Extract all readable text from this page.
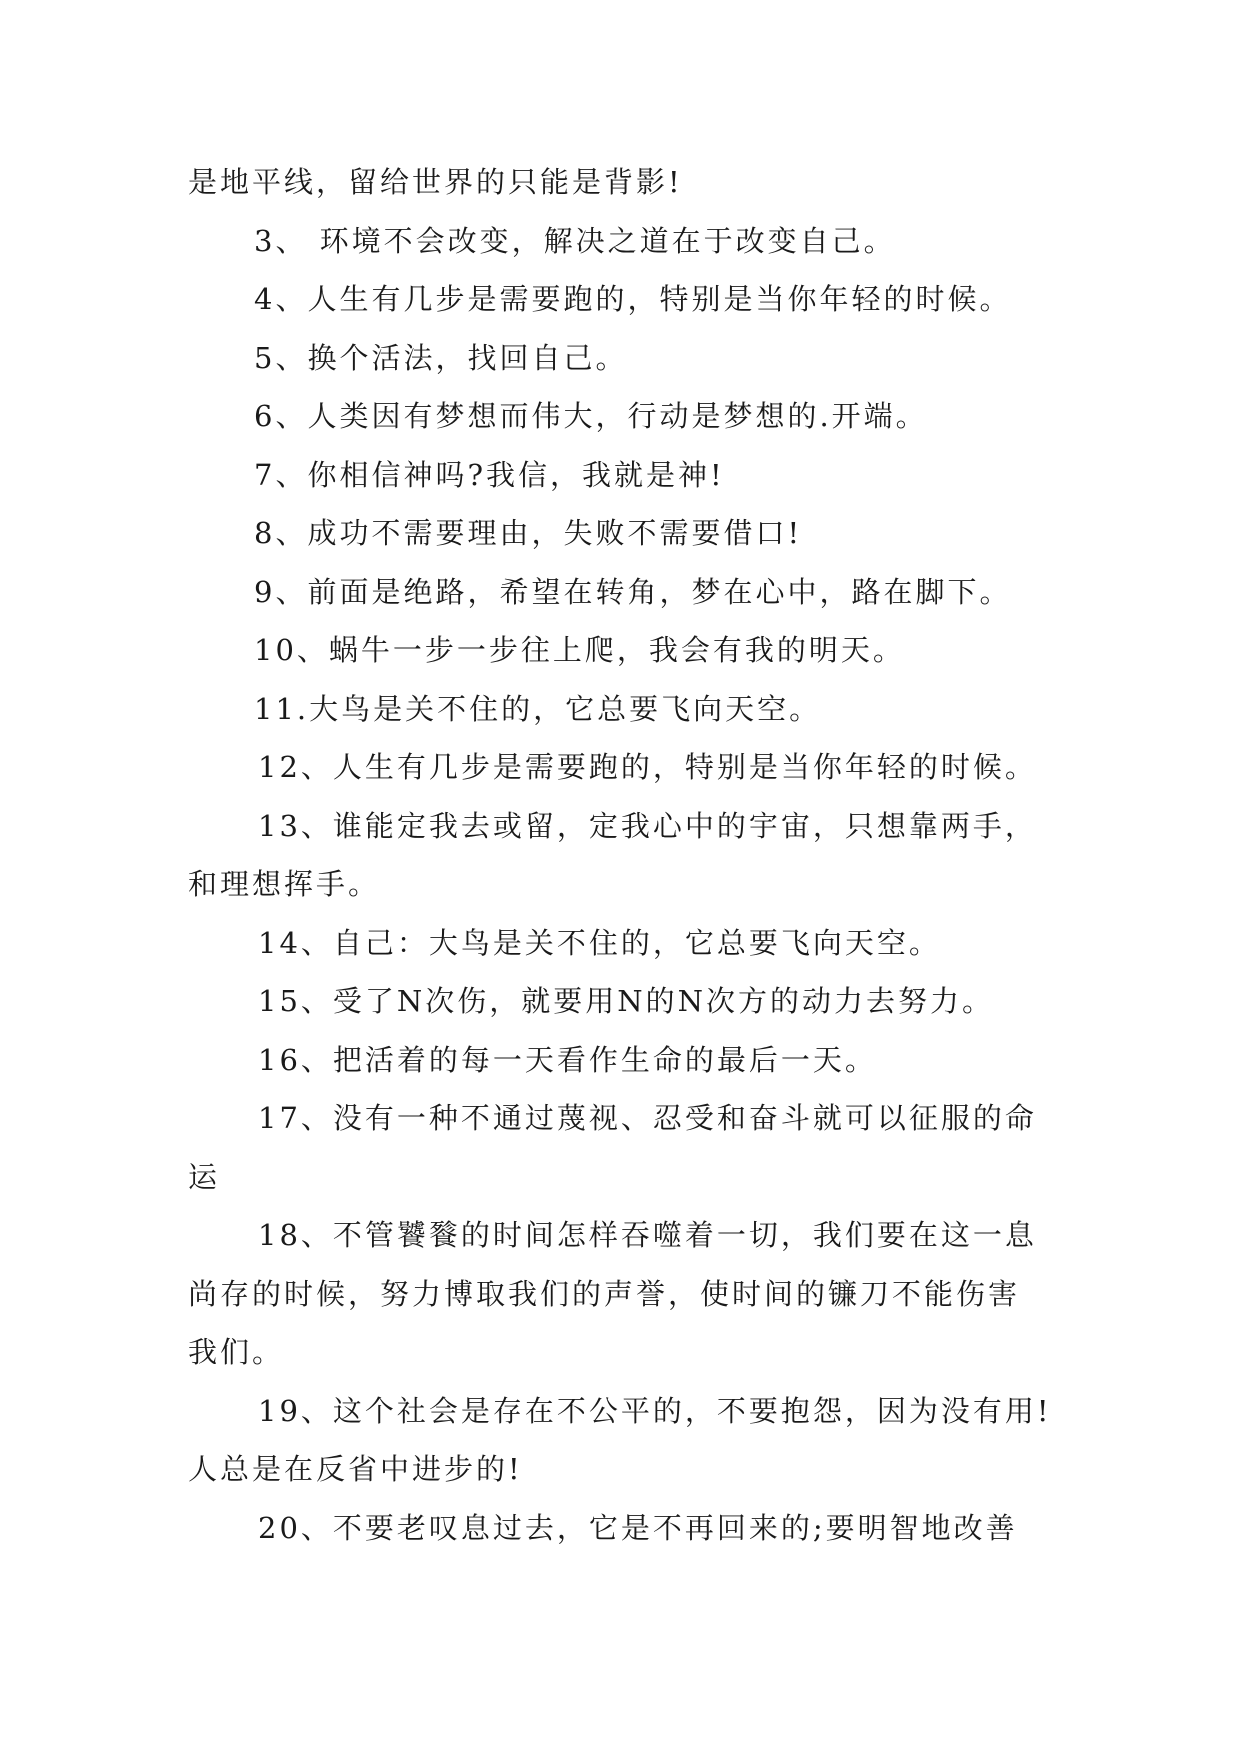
是地平线，留给世界的只能是背影!

3、 环境不会改变，解决之道在于改变自己。

4、人生有几步是需要跑的，特别是当你年轻的时候。

5、换个活法，找回自己。

6、人类因有梦想而伟大，行动是梦想的.开端。

7、你相信神吗?我信，我就是神!

8、成功不需要理由，失败不需要借口!

9、前面是绝路，希望在转角，梦在心中，路在脚下。

10、蜗牛一步一步往上爬，我会有我的明天。

11.大鸟是关不住的，它总要飞向天空。

12、人生有几步是需要跑的，特别是当你年轻的时候。

13、谁能定我去或留，定我心中的宇宙，只想靠两手，

和理想挥手。

14、自己：大鸟是关不住的，它总要飞向天空。

15、受了N次伤，就要用N的N次方的动力去努力。

16、把活着的每一天看作生命的最后一天。

17、没有一种不通过蔑视、忍受和奋斗就可以征服的命

运

18、不管饕餮的时间怎样吞噬着一切，我们要在这一息

尚存的时候，努力博取我们的声誉，使时间的镰刀不能伤害

我们。

19、这个社会是存在不公平的，不要抱怨，因为没有用!

人总是在反省中进步的!

20、不要老叹息过去，它是不再回来的;要明智地改善
